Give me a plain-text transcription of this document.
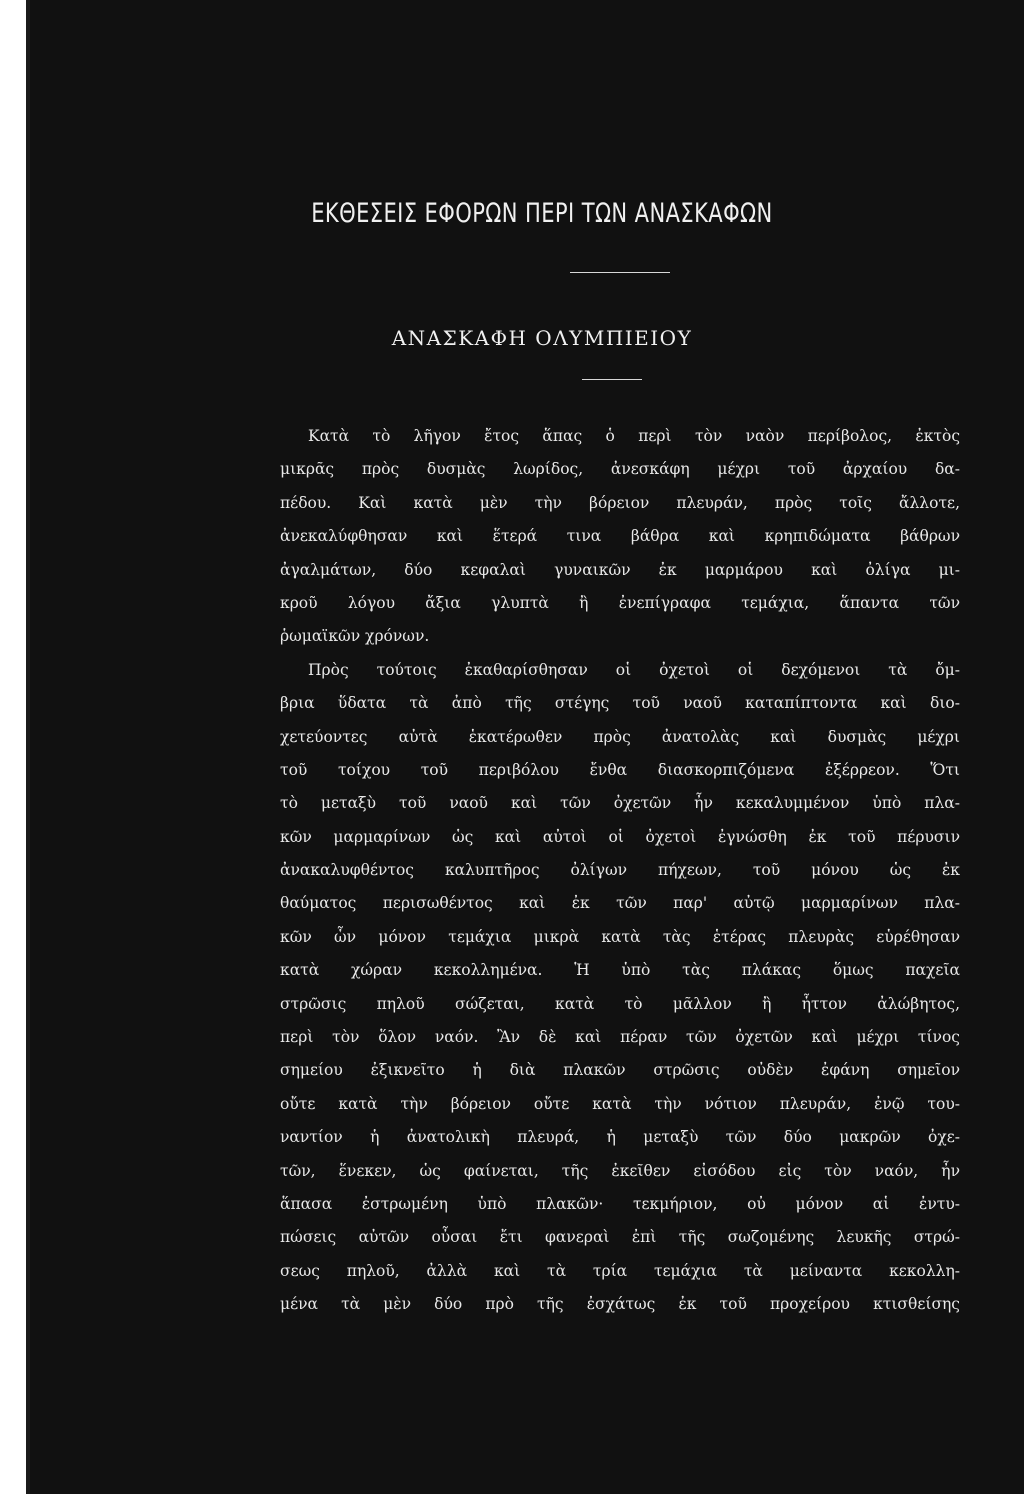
ΕΚΘΕΣΕΙΣ ΕΦΟΡΩΝ ΠΕΡΙ ΤΩΝ ΑΝΑΣΚΑΦΩΝ
ΑΝΑΣΚΑΦΗ ΟΛΥΜΠΙΕΙΟΥ
Κατὰ τὸ λῆγον ἔτος ἅπας ὁ περὶ τὸν ναὸν περίβολος, ἐκτὸς
μικρᾶς πρὸς δυσμὰς λωρίδος, ἀνεσκάφη μέχρι τοῦ ἀρχαίου δα-
πέδου. Καὶ κατὰ μὲν τὴν βόρειον πλευράν, πρὸς τοῖς ἄλλοτε,
ἀνεκαλύφθησαν καὶ ἕτερά τινα βάθρα καὶ κρηπιδώματα βάθρων
ἀγαλμάτων, δύο κεφαλαὶ γυναικῶν ἐκ μαρμάρου καὶ ὀλίγα μι-
κροῦ λόγου ἄξια γλυπτὰ ἢ ἐνεπίγραφα τεμάχια, ἅπαντα τῶν
ῥωμαϊκῶν χρόνων.
Πρὸς τούτοις ἐκαθαρίσθησαν οἱ ὀχετοὶ οἱ δεχόμενοι τὰ ὄμ-
βρια ὕδατα τὰ ἀπὸ τῆς στέγης τοῦ ναοῦ καταπίπτοντα καὶ διο-
χετεύοντες αὐτὰ ἑκατέρωθεν πρὸς ἀνατολὰς καὶ δυσμὰς μέχρι
τοῦ τοίχου τοῦ περιβόλου ἔνθα διασκορπιζόμενα ἐξέρρεον. Ὅτι
τὸ μεταξὺ τοῦ ναοῦ καὶ τῶν ὀχετῶν ἦν κεκαλυμμένον ὑπὸ πλα-
κῶν μαρμαρίνων ὡς καὶ αὐτοὶ οἱ ὀχετοὶ ἐγνώσθη ἐκ τοῦ πέρυσιν
ἀνακαλυφθέντος καλυπτῆρος ὀλίγων πήχεων, τοῦ μόνου ὡς ἐκ
θαύματος περισωθέντος καὶ ἐκ τῶν παρ' αὐτῷ μαρμαρίνων πλα-
κῶν ὧν μόνον τεμάχια μικρὰ κατὰ τὰς ἑτέρας πλευρὰς εὑρέθησαν
κατὰ χώραν κεκολλημένα. Ἡ ὑπὸ τὰς πλάκας ὅμως παχεῖα
στρῶσις πηλοῦ σώζεται, κατὰ τὸ μᾶλλον ἢ ἧττον ἀλώβητος,
περὶ τὸν ὅλον ναόν. Ἂν δὲ καὶ πέραν τῶν ὀχετῶν καὶ μέχρι τίνος
σημείου ἐξικνεῖτο ἡ διὰ πλακῶν στρῶσις οὐδὲν ἐφάνη σημεῖον
οὔτε κατὰ τὴν βόρειον οὔτε κατὰ τὴν νότιον πλευράν, ἐνῷ του-
ναντίον ἡ ἀνατολικὴ πλευρά, ἡ μεταξὺ τῶν δύο μακρῶν ὀχε-
τῶν, ἕνεκεν, ὡς φαίνεται, τῆς ἐκεῖθεν εἰσόδου εἰς τὸν ναόν, ἦν
ἅπασα ἐστρωμένη ὑπὸ πλακῶν· τεκμήριον, οὐ μόνον αἱ ἐντυ-
πώσεις αὐτῶν οὖσαι ἔτι φανεραὶ ἐπὶ τῆς σωζομένης λευκῆς στρώ-
σεως πηλοῦ, ἀλλὰ καὶ τὰ τρία τεμάχια τὰ μείναντα κεκολλη-
μένα τὰ μὲν δύο πρὸ τῆς ἐσχάτως ἐκ τοῦ προχείρου κτισθείσης
